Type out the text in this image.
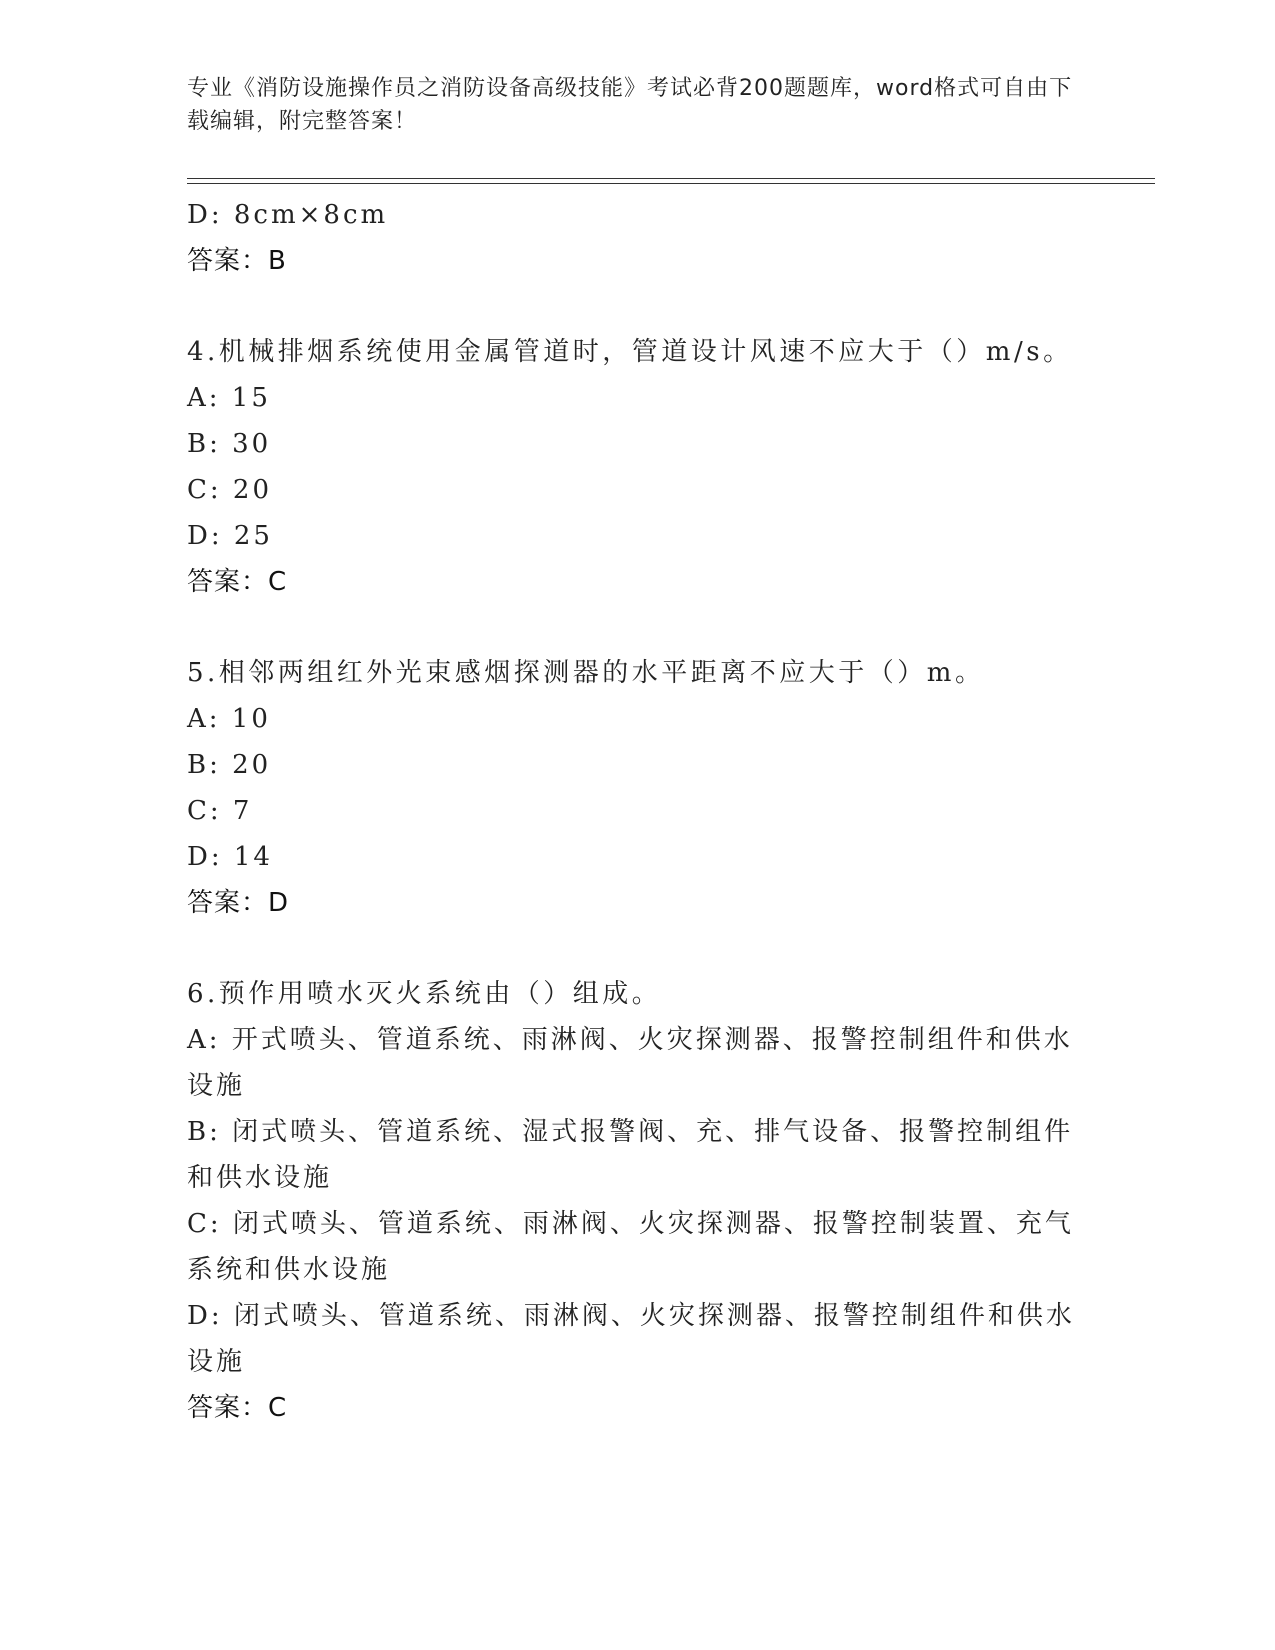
专业《消防设施操作员之消防设备高级技能》考试必背200题题库，word格式可自由下载编辑，附完整答案！

D: 8cm×8cm

答案：B

4.机械排烟系统使用金属管道时，管道设计风速不应大于（）m/s。

A: 15

B: 30

C: 20

D: 25

答案：C

5.相邻两组红外光束感烟探测器的水平距离不应大于（）m。

A: 10

B: 20

C: 7

D: 14

答案：D

6.预作用喷水灭火系统由（）组成。

A: 开式喷头、管道系统、雨淋阀、火灾探测器、报警控制组件和供水设施

B: 闭式喷头、管道系统、湿式报警阀、充、排气设备、报警控制组件和供水设施

C: 闭式喷头、管道系统、雨淋阀、火灾探测器、报警控制装置、充气系统和供水设施

D: 闭式喷头、管道系统、雨淋阀、火灾探测器、报警控制组件和供水设施

答案：C
